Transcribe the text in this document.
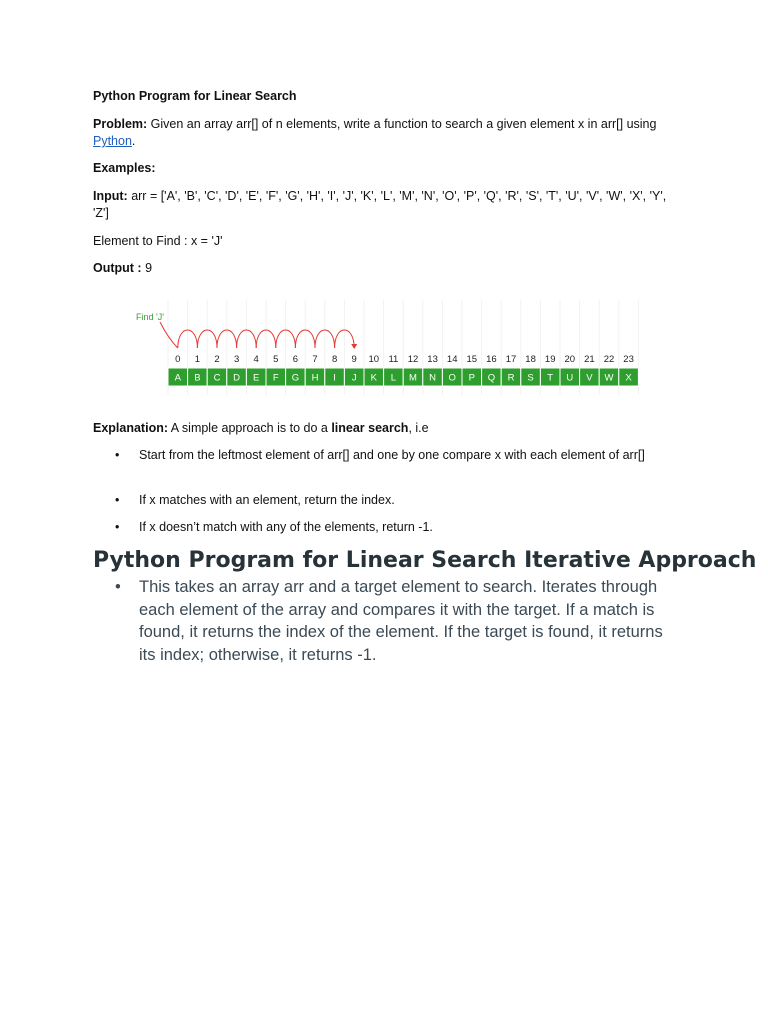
Python Program for Linear Search

Problem: Given an array arr[] of n elements, write a function to search a given element x in arr[] using Python.

Examples:

Input: arr = ['A', 'B', 'C', 'D', 'E', 'F', 'G', 'H', 'I', 'J', 'K', 'L', 'M', 'N', 'O', 'P', 'Q', 'R', 'S', 'T', 'U', 'V', 'W', 'X', 'Y', 'Z']

Element to Find : x = 'J'

Output : 9

0 1 2 3 4 5 6 7 8 9 10 11 12 13 14 15 16 17 18 19 20 21 22 23
A B C D E F G H I J K L M N O P Q R S T U V W X
Find 'J'

Explanation: A simple approach is to do a linear search, i.e

• Start from the leftmost element of arr[] and one by one compare x with each element of arr[]
• If x matches with an element, return the index.
• If x doesn’t match with any of the elements, return -1.
Python Program for Linear Search Iterative Approach
• This takes an array arr and a target element to search. Iterates through each element of the array and compares it with the target. If a match is found, it returns the index of the element. If the target is found, it returns its index; otherwise, it returns -1.
